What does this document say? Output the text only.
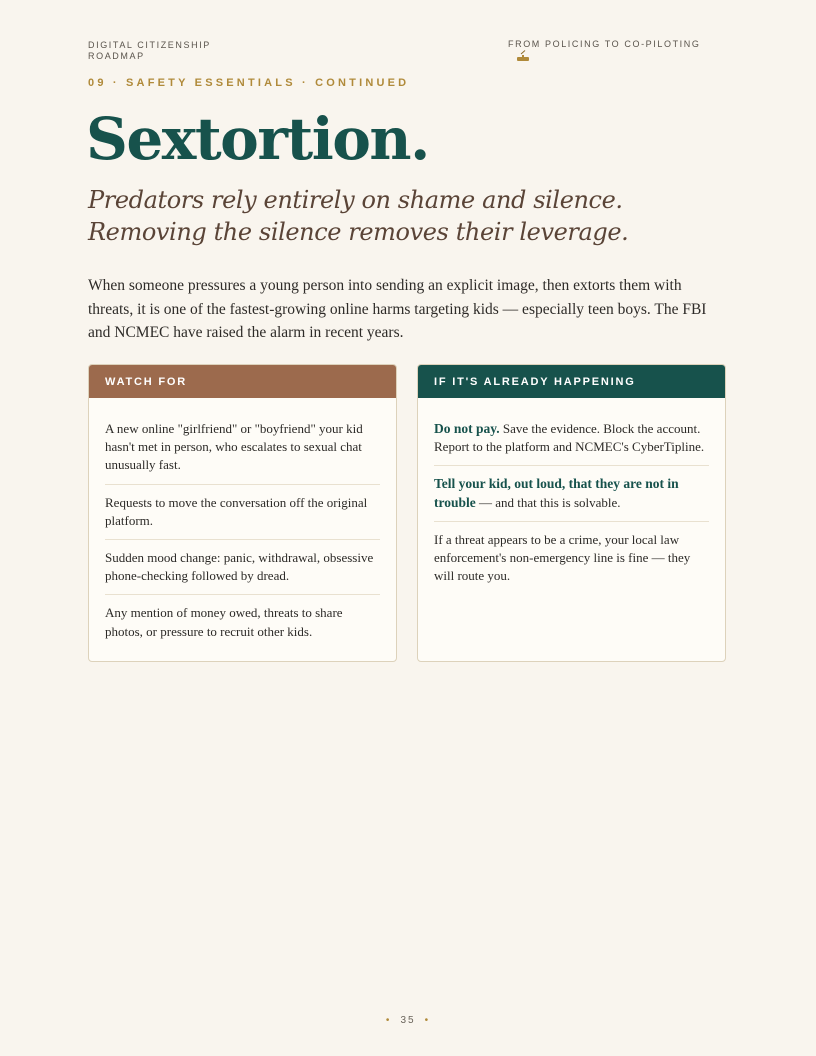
DIGITAL CITIZENSHIP ROADMAP
FROM POLICING TO CO-PILOTING
09 · SAFETY ESSENTIALS · CONTINUED
Sextortion.

Predators rely entirely on shame and silence. Removing the silence removes their leverage.

When someone pressures a young person into sending an explicit image, then extorts them with threats, it is one of the fastest-growing online harms targeting kids — especially teen boys. The FBI and NCMEC have raised the alarm in recent years.

WATCH FOR
A new online "girlfriend" or "boyfriend" your kid hasn't met in person, who escalates to sexual chat unusually fast.
Requests to move the conversation off the original platform.
Sudden mood change: panic, withdrawal, obsessive phone-checking followed by dread.
Any mention of money owed, threats to share photos, or pressure to recruit other kids.
IF IT'S ALREADY HAPPENING
Do not pay. Save the evidence. Block the account. Report to the platform and NCMEC's CyberTipline.
Tell your kid, out loud, that they are not in trouble — and that this is solvable.
If a threat appears to be a crime, your local law enforcement's non-emergency line is fine — they will route you.
• 35 •
